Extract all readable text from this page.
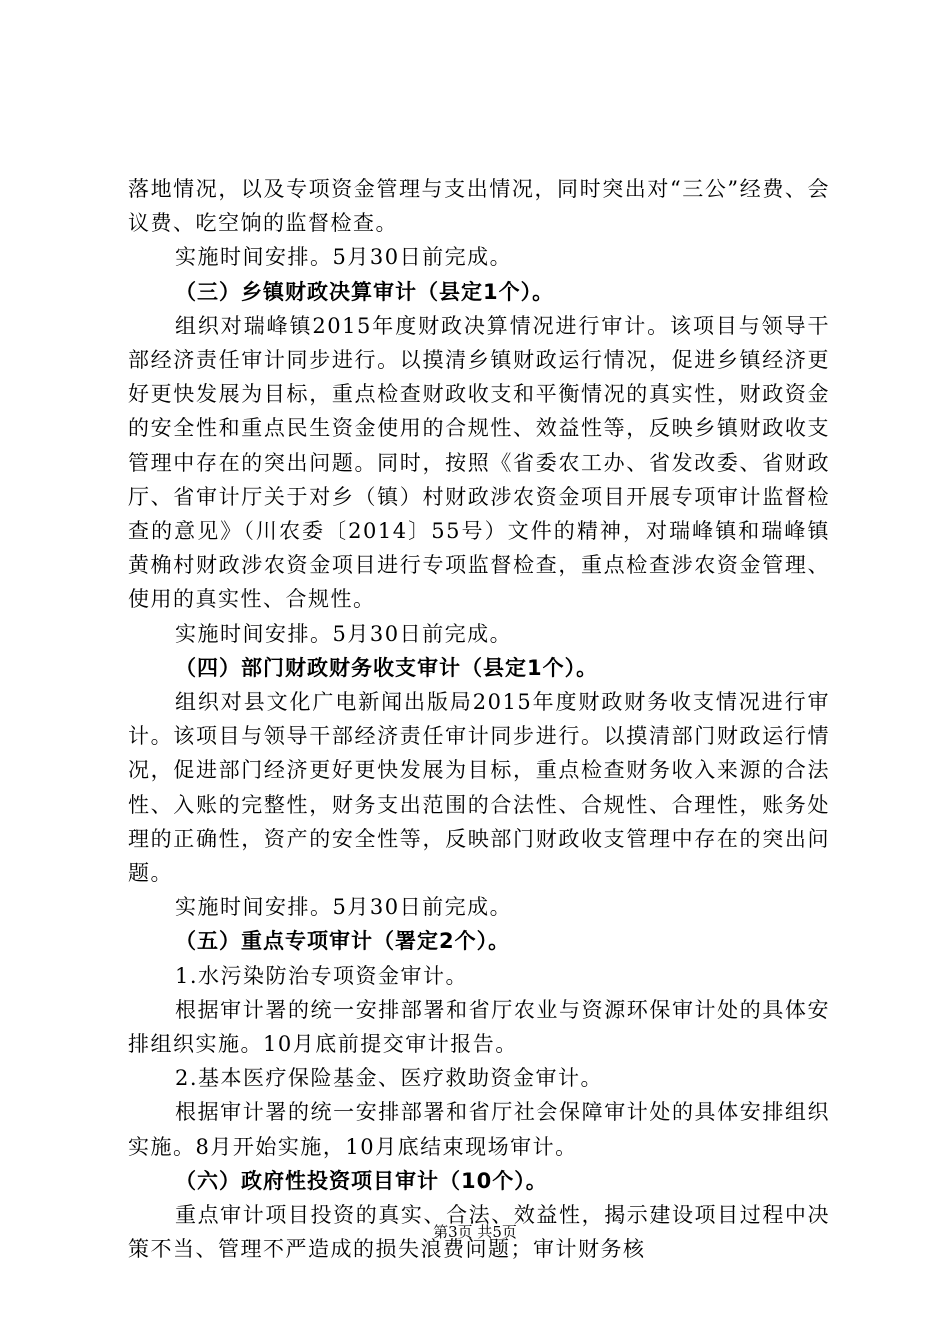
落地情况，以及专项资金管理与支出情况，同时突出对“三公”经费、会议费、吃空饷的监督检查。

实施时间安排。5月30日前完成。

（三）乡镇财政决算审计（县定1个）。

组织对瑞峰镇2015年度财政决算情况进行审计。该项目与领导干部经济责任审计同步进行。以摸清乡镇财政运行情况，促进乡镇经济更好更快发展为目标，重点检查财政收支和平衡情况的真实性，财政资金的安全性和重点民生资金使用的合规性、效益性等，反映乡镇财政收支管理中存在的突出问题。同时，按照《省委农工办、省发改委、省财政厅、省审计厅关于对乡（镇）村财政涉农资金项目开展专项审计监督检查的意见》（川农委〔2014〕55号）文件的精神，对瑞峰镇和瑞峰镇黄桷村财政涉农资金项目进行专项监督检查，重点检查涉农资金管理、使用的真实性、合规性。

实施时间安排。5月30日前完成。

（四）部门财政财务收支审计（县定1个）。

组织对县文化广电新闻出版局2015年度财政财务收支情况进行审计。该项目与领导干部经济责任审计同步进行。以摸清部门财政运行情况，促进部门经济更好更快发展为目标，重点检查财务收入来源的合法性、入账的完整性，财务支出范围的合法性、合规性、合理性，账务处理的正确性，资产的安全性等，反映部门财政收支管理中存在的突出问题。

实施时间安排。5月30日前完成。

（五）重点专项审计（署定2个）。

1.水污染防治专项资金审计。

根据审计署的统一安排部署和省厅农业与资源环保审计处的具体安排组织实施。10月底前提交审计报告。

2.基本医疗保险基金、医疗救助资金审计。

根据审计署的统一安排部署和省厅社会保障审计处的具体安排组织实施。8月开始实施，10月底结束现场审计。

（六）政府性投资项目审计（10个）。

重点审计项目投资的真实、合法、效益性，揭示建设项目过程中决策不当、管理不严造成的损失浪费问题；审计财务核

第3页 共5页
